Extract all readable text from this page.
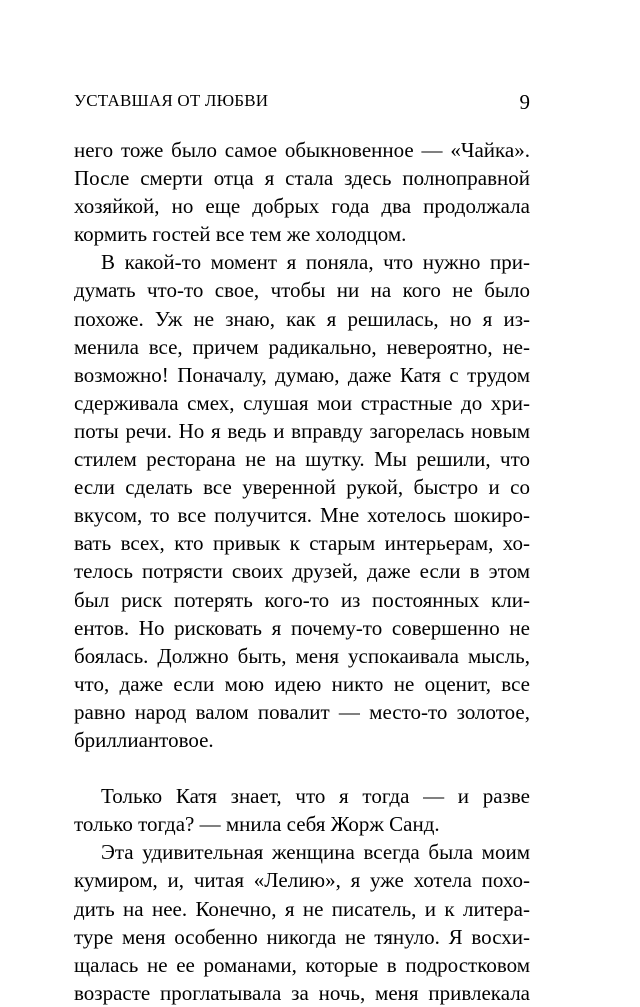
УСТАВШАЯ ОТ ЛЮБВИ	9
него тоже было самое обыкновенное — «Чайка».
После смерти отца я стала здесь полноправной
хозяйкой, но еще добрых года два продолжала
кормить гостей все тем же холодцом.
В какой-то момент я поняла, что нужно при-
думать что-то свое, чтобы ни на кого не было
похоже. Уж не знаю, как я решилась, но я из-
менила все, причем радикально, невероятно, не-
возможно! Поначалу, думаю, даже Катя с трудом
сдерживала смех, слушая мои страстные до хри-
поты речи. Но я ведь и вправду загорелась новым
стилем ресторана не на шутку. Мы решили, что
если сделать все уверенной рукой, быстро и со
вкусом, то все получится. Мне хотелось шокиро-
вать всех, кто привык к старым интерьерам, хо-
телось потрясти своих друзей, даже если в этом
был риск потерять кого-то из постоянных кли-
ентов. Но рисковать я почему-то совершенно не
боялась. Должно быть, меня успокаивала мысль,
что, даже если мою идею никто не оценит, все
равно народ валом повалит — место-то золотое,
бриллиантовое.
Только Катя знает, что я тогда — и разве
только тогда? — мнила себя Жорж Санд.
Эта удивительная женщина всегда была моим
кумиром, и, читая «Лелию», я уже хотела похо-
дить на нее. Конечно, я не писатель, и к литера-
туре меня особенно никогда не тянуло. Я восхи-
щалась не ее романами, которые в подростковом
возрасте проглатывала за ночь, меня привлекала
